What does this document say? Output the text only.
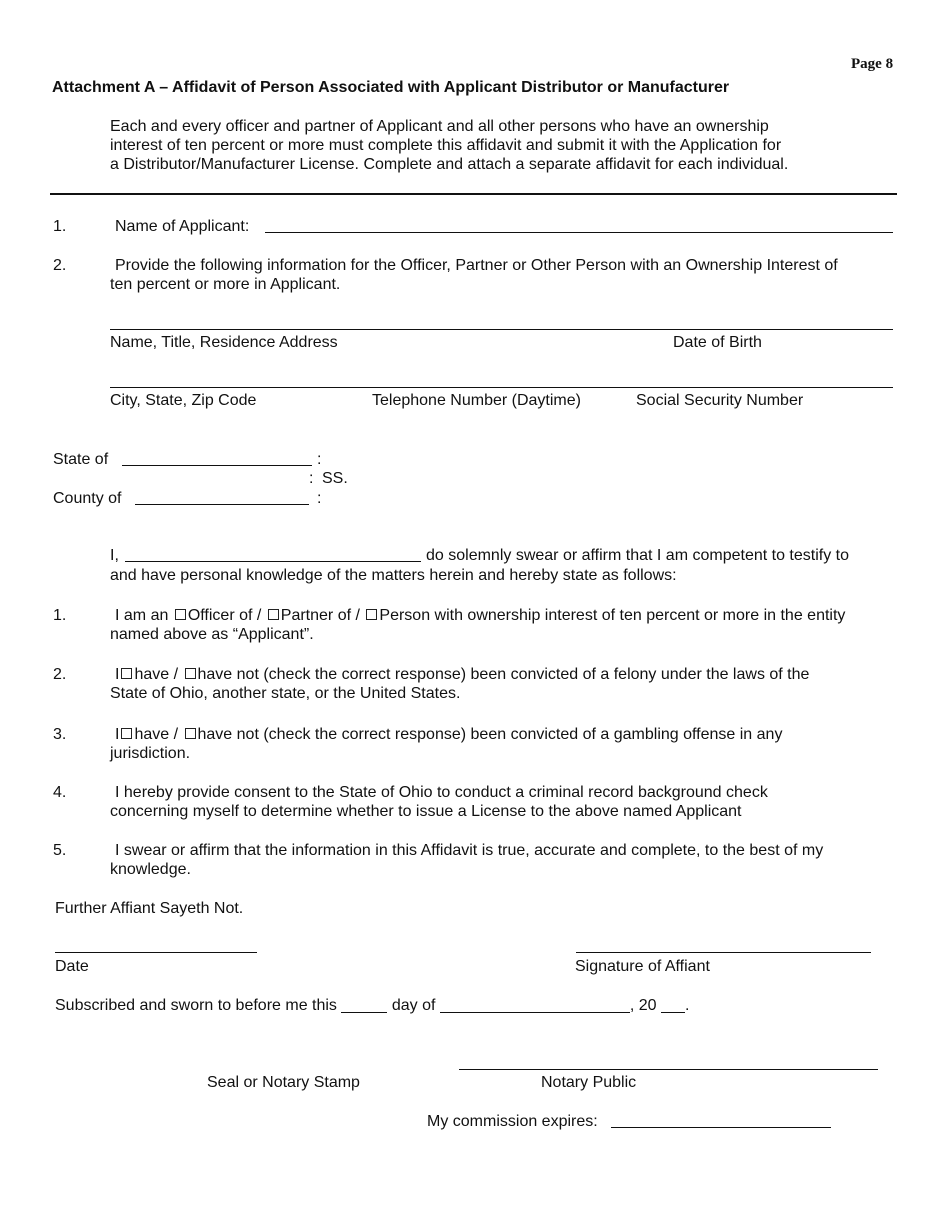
Page 8
Attachment A – Affidavit of Person Associated with Applicant Distributor or Manufacturer
Each and every officer and partner of Applicant and all other persons who have an ownership
interest of ten percent or more must complete this affidavit and submit it with the Application for
a Distributor/Manufacturer License. Complete and attach a separate affidavit for each individual.
1.	Name of Applicant:
2.	Provide the following information for the Officer, Partner or Other Person with an Ownership Interest of
ten percent or more in Applicant.
Name, Title, Residence Address	Date of Birth
City, State, Zip Code	Telephone Number (Daytime)	Social Security Number
State of	:
: SS.
County of	:
I,	do solemnly swear or affirm that I am competent to testify to
and have personal knowledge of the matters herein and hereby state as follows:
1.	I am an Officer of / Partner of / Person with ownership interest of ten percent or more in the entity
named above as “Applicant”.
2.	I have / have not (check the correct response) been convicted of a felony under the laws of the
State of Ohio, another state, or the United States.
3.	I have / have not (check the correct response) been convicted of a gambling offense in any
jurisdiction.
4.	I hereby provide consent to the State of Ohio to conduct a criminal record background check
concerning myself to determine whether to issue a License to the above named Applicant
5.	I swear or affirm that the information in this Affidavit is true, accurate and complete, to the best of my
knowledge.
Further Affiant Sayeth Not.
Date	Signature of Affiant
Subscribed and sworn to before me this	day of	, 20 .
Seal or Notary Stamp	Notary Public
My commission expires:
